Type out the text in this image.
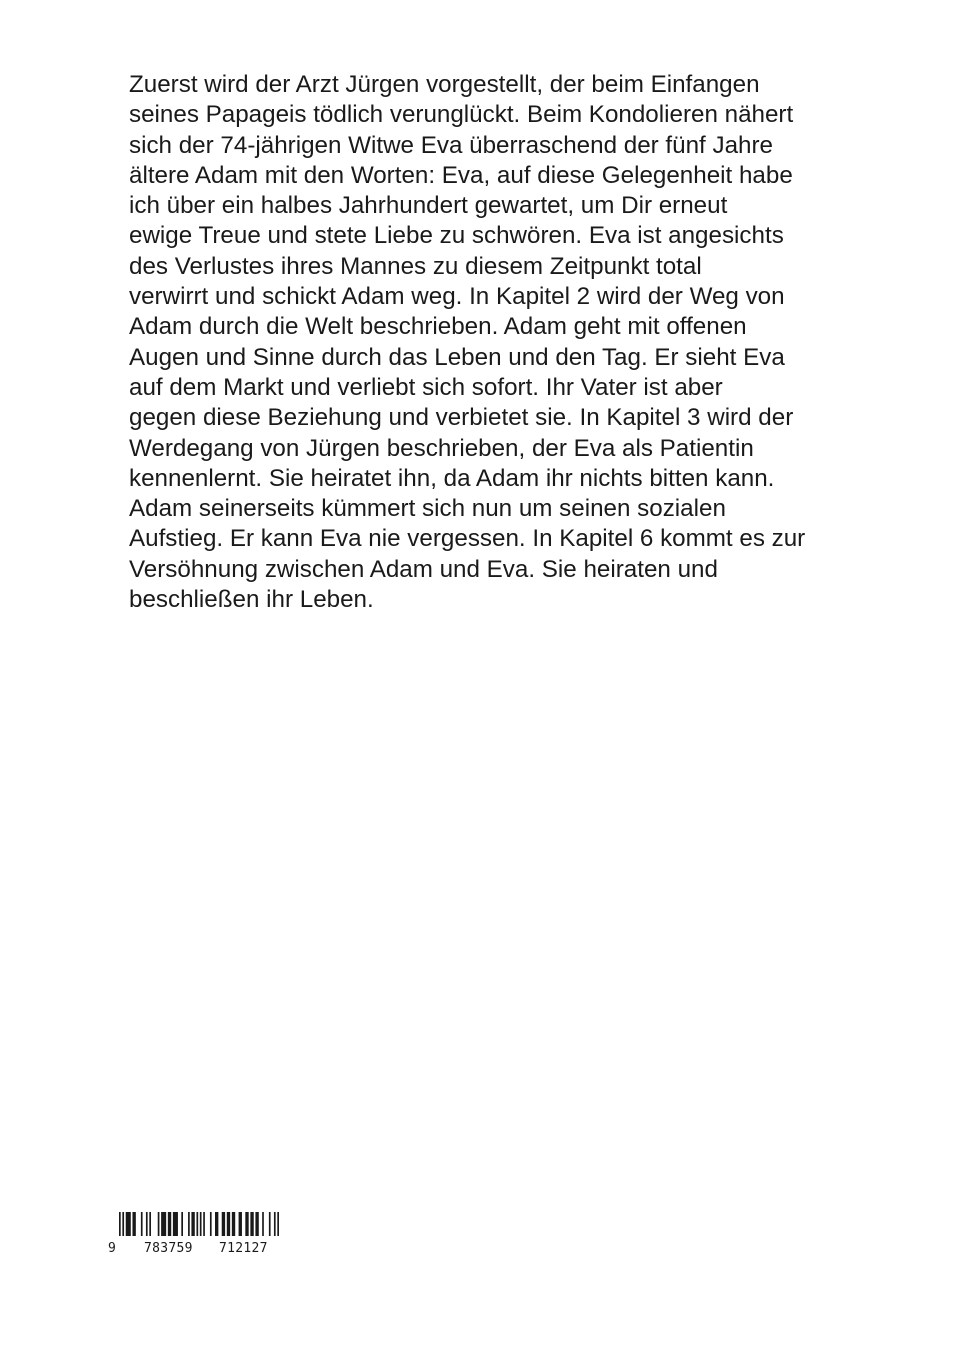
Zuerst wird der Arzt Jürgen vorgestellt, der beim Einfangen
seines Papageis tödlich verunglückt. Beim Kondolieren nähert
sich der 74-jährigen Witwe Eva überraschend der fünf Jahre
ältere Adam mit den Worten: Eva, auf diese Gelegenheit habe
ich über ein halbes Jahrhundert gewartet, um Dir erneut
ewige Treue und stete Liebe zu schwören. Eva ist angesichts
des Verlustes ihres Mannes zu diesem Zeitpunkt total
verwirrt und schickt Adam weg. In Kapitel 2 wird der Weg von
Adam durch die Welt beschrieben. Adam geht mit offenen
Augen und Sinne durch das Leben und den Tag. Er sieht Eva
auf dem Markt und verliebt sich sofort. Ihr Vater ist aber
gegen diese Beziehung und verbietet sie. In Kapitel 3 wird der
Werdegang von Jürgen beschrieben, der Eva als Patientin
kennenlernt. Sie heiratet ihn, da Adam ihr nichts bitten kann.
Adam seinerseits kümmert sich nun um seinen sozialen
Aufstieg. Er kann Eva nie vergessen. In Kapitel 6 kommt es zur
Versöhnung zwischen Adam und Eva. Sie heiraten und
beschließen ihr Leben.

9 783759 712127
